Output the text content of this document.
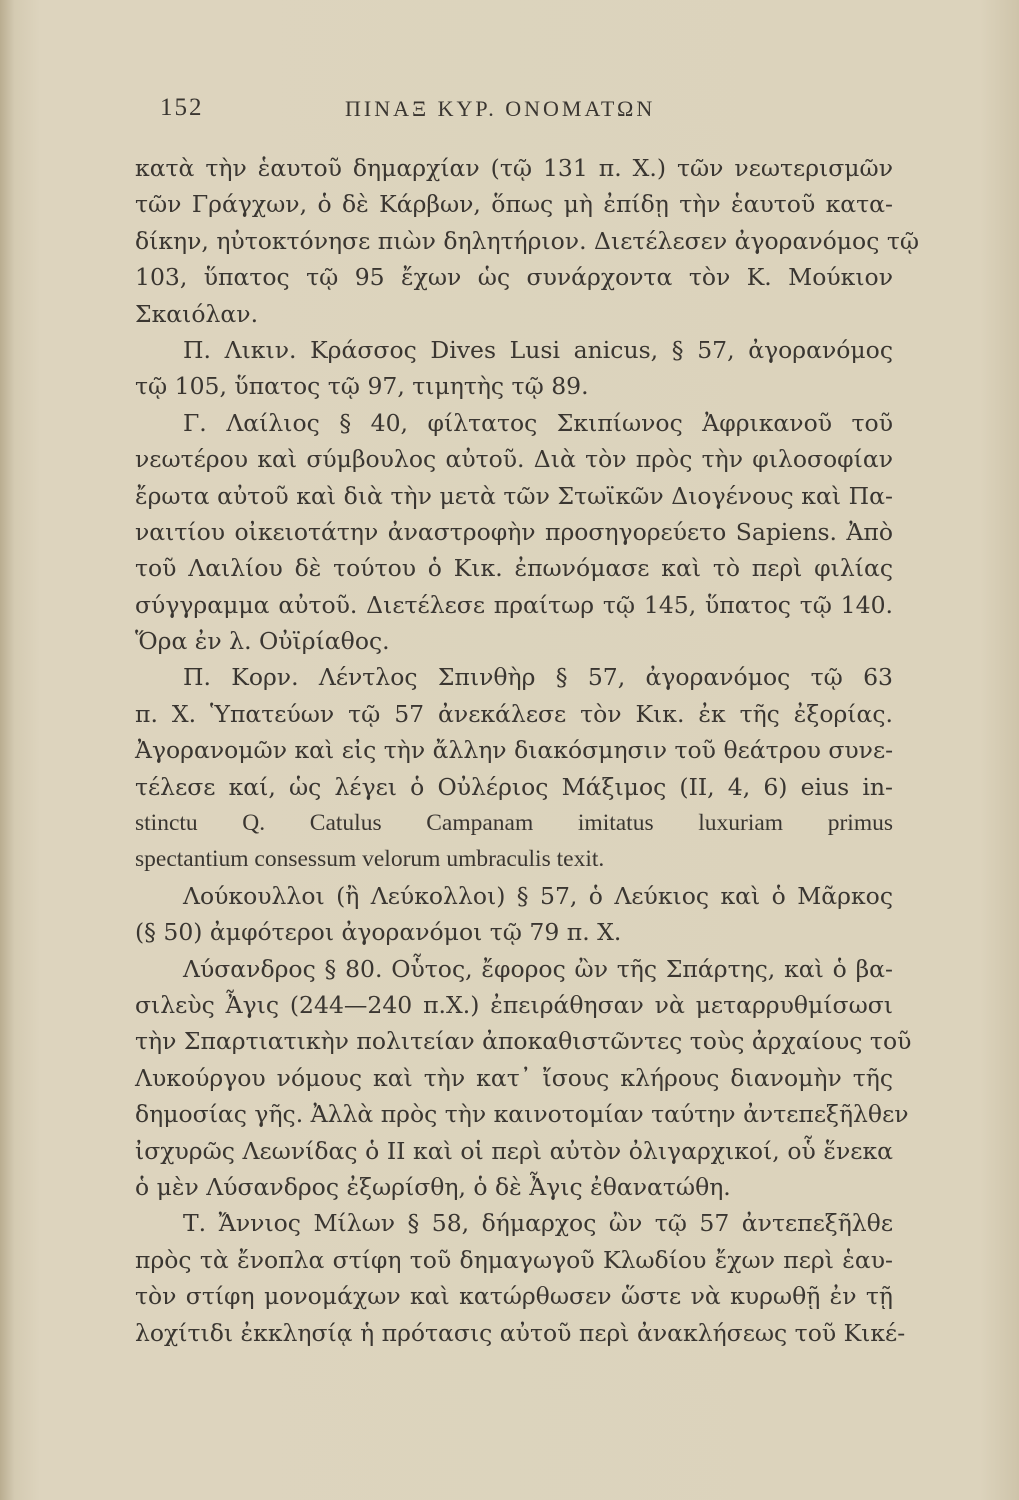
152	ΠΙΝΑΞ ΚΥΡ. ΟΝΟΜΑΤΩΝ
κατὰ τὴν ἑαυτοῦ δημαρχίαν (τῷ 131 π. Χ.) τῶν νεωτερισμῶν
τῶν Γράγχων, ὁ δὲ Κάρβων, ὅπως μὴ ἐπίδῃ τὴν ἑαυτοῦ κατα-
δίκην, ηὐτοκτόνησε πιὼν δηλητήριον. Διετέλεσεν ἀγορανόμος τῷ
103, ὕπατος τῷ 95 ἔχων ὡς συνάρχοντα τὸν Κ. Μούκιον
Σκαιόλαν.
Π. Λικιν. Κράσσος Dives Lusi anicus, § 57, ἀγορανόμος
τῷ 105, ὕπατος τῷ 97, τιμητὴς τῷ 89.
Γ. Λαίλιος § 40, φίλτατος Σκιπίωνος Ἀφρικανοῦ τοῦ
νεωτέρου καὶ σύμβουλος αὐτοῦ. Διὰ τὸν πρὸς τὴν φιλοσοφίαν
ἔρωτα αὐτοῦ καὶ διὰ τὴν μετὰ τῶν Στωϊκῶν Διογένους καὶ Πα-
ναιτίου οἰκειοτάτην ἀναστροφὴν προσηγορεύετο Sapiens. Ἀπὸ
τοῦ Λαιλίου δὲ τούτου ὁ Κικ. ἐπωνόμασε καὶ τὸ περὶ φιλίας
σύγγραμμα αὐτοῦ. Διετέλεσε πραίτωρ τῷ 145, ὕπατος τῷ 140.
Ὅρα ἐν λ. Οὐϊρίαθος.
Π. Κορν. Λέντλος Σπινθὴρ § 57, ἀγορανόμος τῷ 63
π. Χ. Ὑπατεύων τῷ 57 ἀνεκάλεσε τὸν Κικ. ἐκ τῆς ἐξορίας.
Ἀγορανομῶν καὶ εἰς τὴν ἄλλην διακόσμησιν τοῦ θεάτρου συνε-
τέλεσε καί, ὡς λέγει ὁ Οὐλέριος Μάξιμος (II, 4, 6) eius in-
stinctu Q. Catulus Campanam imitatus luxuriam primus
spectantium consessum velorum umbraculis texit.
Λούκουλλοι (ἢ Λεύκολλοι) § 57, ὁ Λεύκιος καὶ ὁ Μᾶρκος
(§ 50) ἀμφότεροι ἀγορανόμοι τῷ 79 π. Χ.
Λύσανδρος § 80. Οὗτος, ἔφορος ὢν τῆς Σπάρτης, καὶ ὁ βα-
σιλεὺς Ἆγις (244—240 π.Χ.) ἐπειράθησαν νὰ μεταρρυθμίσωσι
τὴν Σπαρτιατικὴν πολιτείαν ἀποκαθιστῶντες τοὺς ἀρχαίους τοῦ
Λυκούργου νόμους καὶ τὴν κατ᾽ ἴσους κλήρους διανομὴν τῆς
δημοσίας γῆς. Ἀλλὰ πρὸς τὴν καινοτομίαν ταύτην ἀντεπεξῆλθεν
ἰσχυρῶς Λεωνίδας ὁ II καὶ οἱ περὶ αὐτὸν ὀλιγαρχικοί, οὗ ἕνεκα
ὁ μὲν Λύσανδρος ἐξωρίσθη, ὁ δὲ Ἆγις ἐθανατώθη.
Τ. Ἄννιος Μίλων § 58, δήμαρχος ὢν τῷ 57 ἀντεπεξῆλθε
πρὸς τὰ ἔνοπλα στίφη τοῦ δημαγωγοῦ Κλωδίου ἔχων περὶ ἑαυ-
τὸν στίφη μονομάχων καὶ κατώρθωσεν ὥστε νὰ κυρωθῇ ἐν τῇ
λοχίτιδι ἐκκλησίᾳ ἡ πρότασις αὐτοῦ περὶ ἀνακλήσεως τοῦ Κικέ-
